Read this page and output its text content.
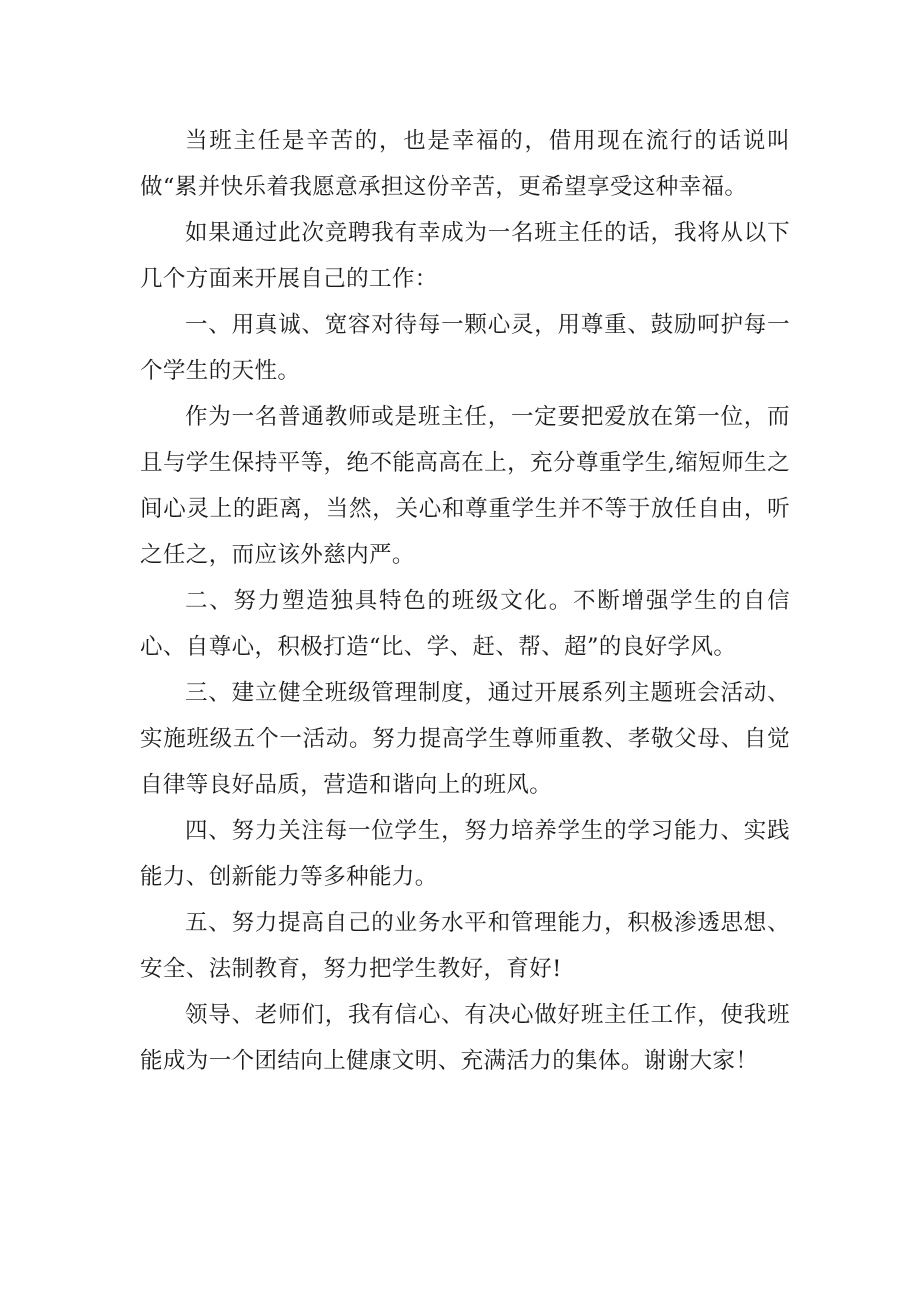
当班主任是辛苦的，也是幸福的，借用现在流行的话说叫做“累并快乐着我愿意承担这份辛苦，更希望享受这种幸福。

如果通过此次竞聘我有幸成为一名班主任的话，我将从以下几个方面来开展自己的工作：

一、用真诚、宽容对待每一颗心灵，用尊重、鼓励呵护每一个学生的天性。

作为一名普通教师或是班主任，一定要把爱放在第一位，而且与学生保持平等，绝不能高高在上，充分尊重学生,缩短师生之间心灵上的距离，当然，关心和尊重学生并不等于放任自由，听之任之，而应该外慈内严。

二、努力塑造独具特色的班级文化。不断增强学生的自信心、自尊心，积极打造“比、学、赶、帮、超”的良好学风。

三、建立健全班级管理制度，通过开展系列主题班会活动、实施班级五个一活动。努力提高学生尊师重教、孝敬父母、自觉自律等良好品质，营造和谐向上的班风。

四、努力关注每一位学生，努力培养学生的学习能力、实践能力、创新能力等多种能力。

五、努力提高自己的业务水平和管理能力，积极渗透思想、安全、法制教育，努力把学生教好，育好!

领导、老师们，我有信心、有决心做好班主任工作，使我班能成为一个团结向上健康文明、充满活力的集体。谢谢大家！
